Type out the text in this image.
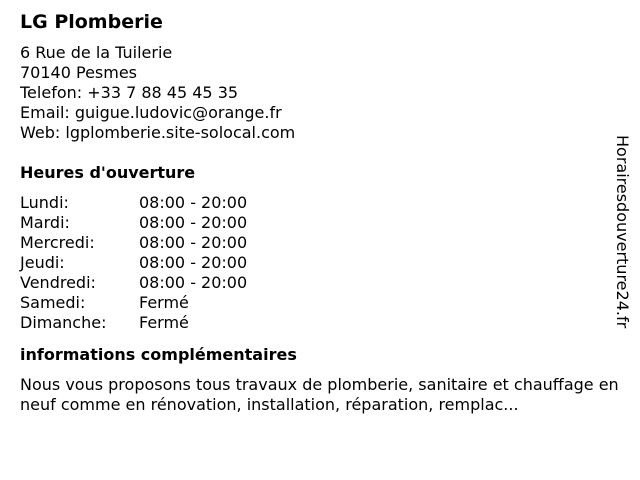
LG Plomberie
6 Rue de la Tuilerie
70140 Pesmes
Telefon: +33 7 88 45 45 35
Email: guigue.ludovic@orange.fr
Web: lgplomberie.site-solocal.com
Heures d'ouverture
Lundi:	08:00 - 20:00
Mardi:	08:00 - 20:00
Mercredi:	08:00 - 20:00
Jeudi:	08:00 - 20:00
Vendredi:	08:00 - 20:00
Samedi:	Fermé
Dimanche:	Fermé
informations complémentaires
Nous vous proposons tous travaux de plomberie, sanitaire et chauffage en neuf comme en rénovation, installation, réparation, remplac...
Horairesdouverture24.fr
